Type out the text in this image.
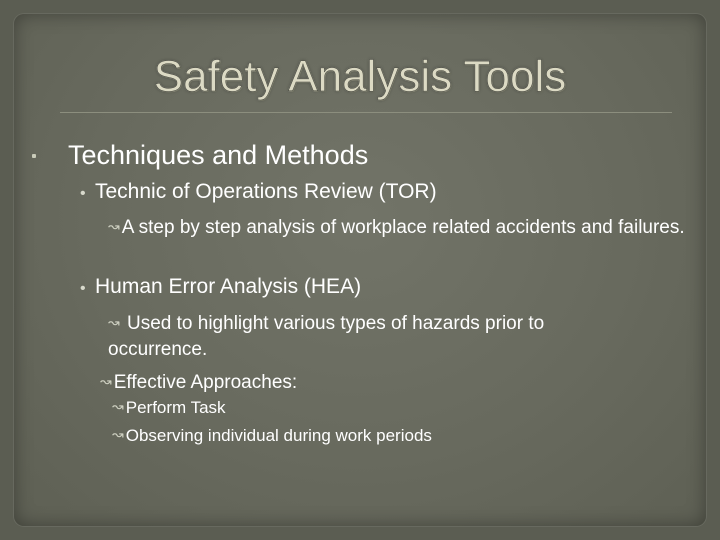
Safety Analysis Tools
Techniques and Methods
• Technic of Operations Review (TOR)
↝ A step by step analysis of workplace related accidents and failures.
• Human Error Analysis (HEA)
↝ Used to highlight various types of hazards prior to occurrence.
↝ Effective Approaches:
↝ Perform Task
↝ Observing individual during work periods
